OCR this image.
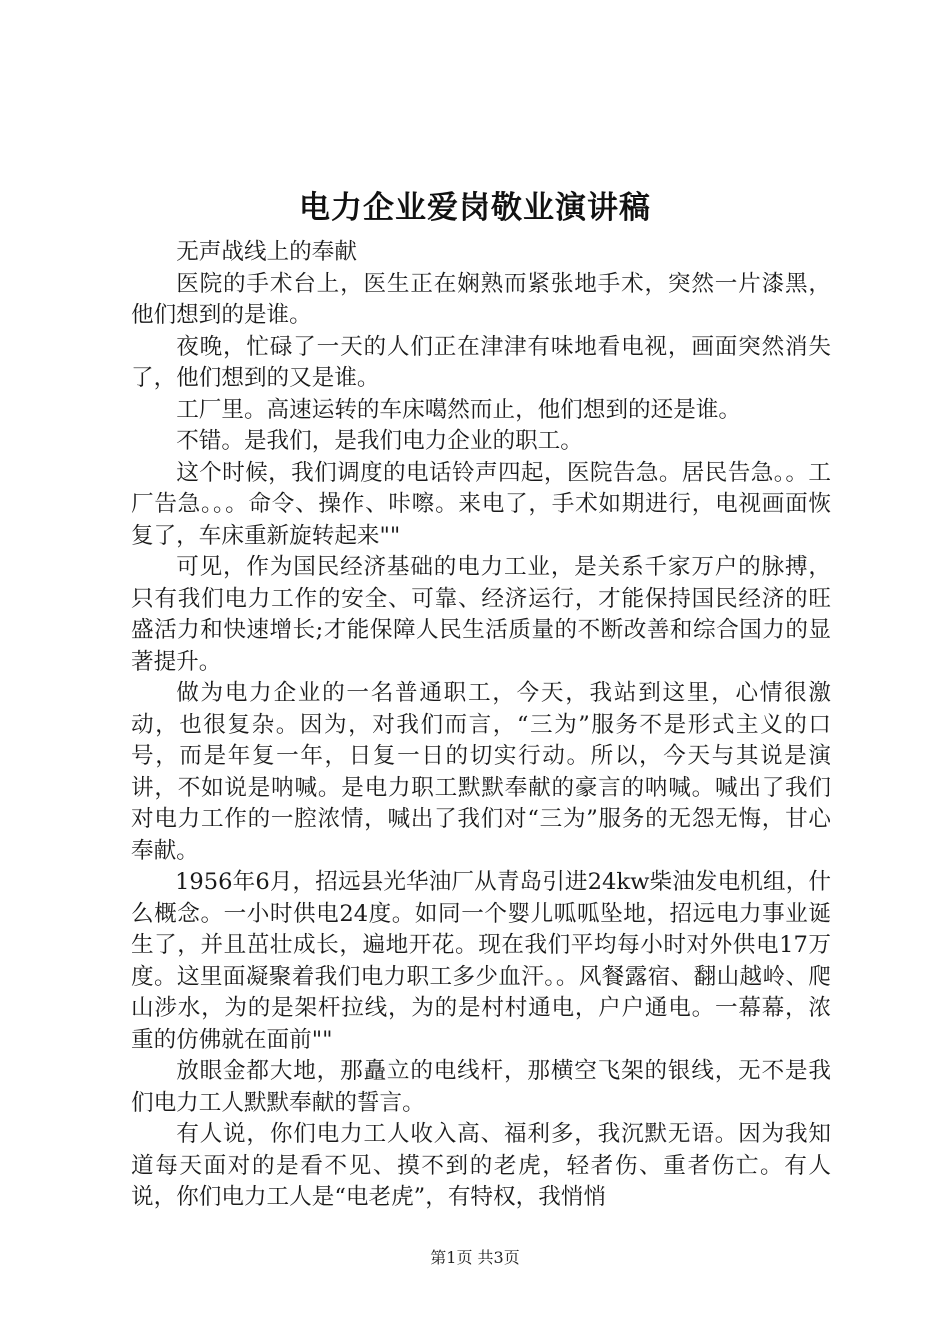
电力企业爱岗敬业演讲稿

无声战线上的奉献

医院的手术台上，医生正在娴熟而紧张地手术，突然一片漆黑，他们想到的是谁。

夜晚，忙碌了一天的人们正在津津有味地看电视，画面突然消失了，他们想到的又是谁。

工厂里。高速运转的车床噶然而止，他们想到的还是谁。

不错。是我们，是我们电力企业的职工。

这个时候，我们调度的电话铃声四起，医院告急。居民告急。。工厂告急。。。命令、操作、咔嚓。来电了，手术如期进行，电视画面恢复了，车床重新旋转起来""

可见，作为国民经济基础的电力工业，是关系千家万户的脉搏，只有我们电力工作的安全、可靠、经济运行，才能保持国民经济的旺盛活力和快速增长;才能保障人民生活质量的不断改善和综合国力的显著提升。

做为电力企业的一名普通职工，今天，我站到这里，心情很激动，也很复杂。因为，对我们而言，“三为”服务不是形式主义的口号，而是年复一年，日复一日的切实行动。所以，今天与其说是演讲，不如说是呐喊。是电力职工默默奉献的豪言的呐喊。喊出了我们对电力工作的一腔浓情，喊出了我们对“三为”服务的无怨无悔，甘心奉献。

1956年6月，招远县光华油厂从青岛引进24kw柴油发电机组，什么概念。一小时供电24度。如同一个婴儿呱呱坠地，招远电力事业诞生了，并且茁壮成长，遍地开花。现在我们平均每小时对外供电17万度。这里面凝聚着我们电力职工多少血汗。。风餐露宿、翻山越岭、爬山涉水，为的是架杆拉线，为的是村村通电，户户通电。一幕幕，浓重的仿佛就在面前""

放眼金都大地，那矗立的电线杆，那横空飞架的银线，无不是我们电力工人默默奉献的誓言。

有人说，你们电力工人收入高、福利多，我沉默无语。因为我知道每天面对的是看不见、摸不到的老虎，轻者伤、重者伤亡。有人说，你们电力工人是“电老虎”，有特权，我悄悄

第1页 共3页
